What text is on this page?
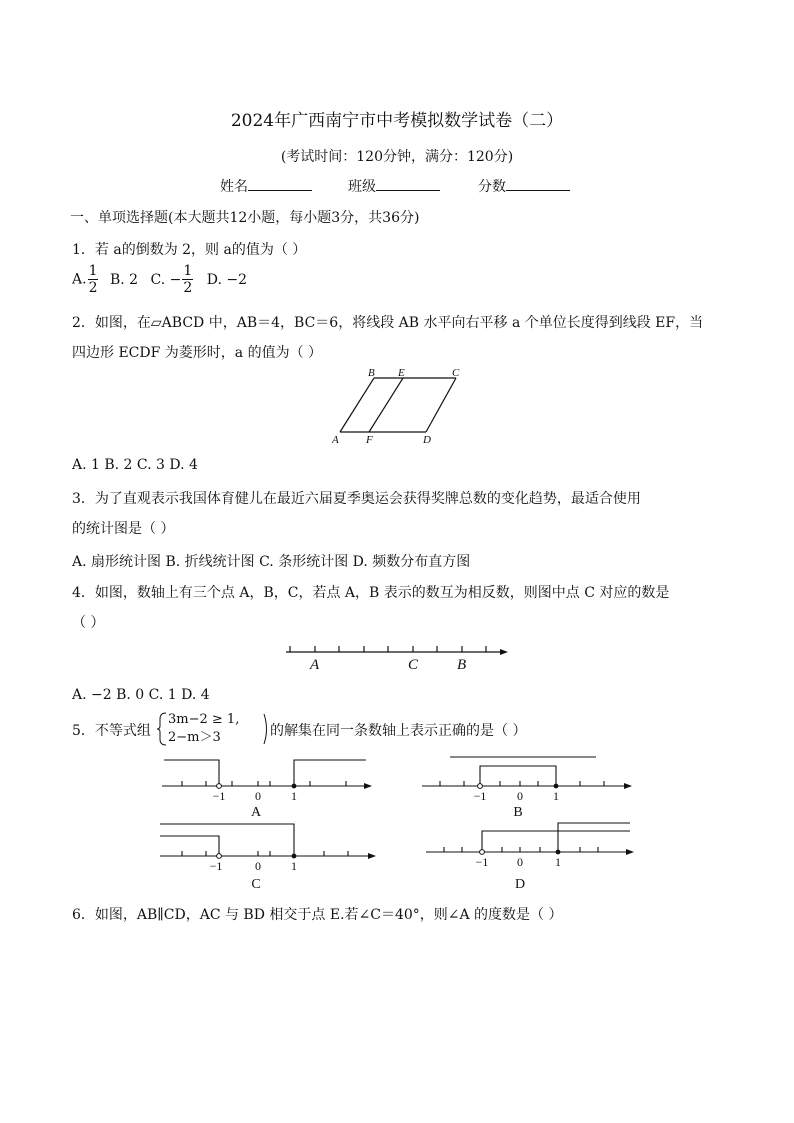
2024年广西南宁市中考模拟数学试卷（二）
(考试时间：120分钟，满分：120分)
姓名	班级	分数
一、单项选择题(本大题共12小题，每小题3分，共36分)
1．若 a的倒数为 2，则 a的值为（ ）
A. $\frac{1}{2} B$. 2 C. − $\frac{1}{2} D$. −2
2．如图，在▱ABCD 中，AB＝4，BC＝6，将线段 AB 水平向右平移 a 个单位长度得到线段 EF，当
四边形 ECDF 为菱形时，a 的值为（ ）
B E	C
A F	D
A. 1 B. 2 C. 3 D. 4
3．为了直观表示我国体育健儿在最近六届夏季奥运会获得奖牌总数的变化趋势，最适合使用
的统计图是（ ）
A. 扇形统计图 B. 折线统计图 C. 条形统计图 D. 频数分布直方图
4．如图，数轴上有三个点 A，B，C，若点 A，B 表示的数互为相反数，则图中点 C 对应的数是
（ ）
A	C	B
A. −2 B. 0 C. 1 D. 4
5．不等式组
3m−2 ≥ 1,
2−m＞3	的解集在同一条数轴上表示正确的是（ ）
−1 0	1
A
−1	0	1
B
−1	0	1
C
−1 0	1
D
6．如图，AB∥CD，AC 与 BD 相交于点 E.若∠C＝40°，则∠A 的度数是（ ）
